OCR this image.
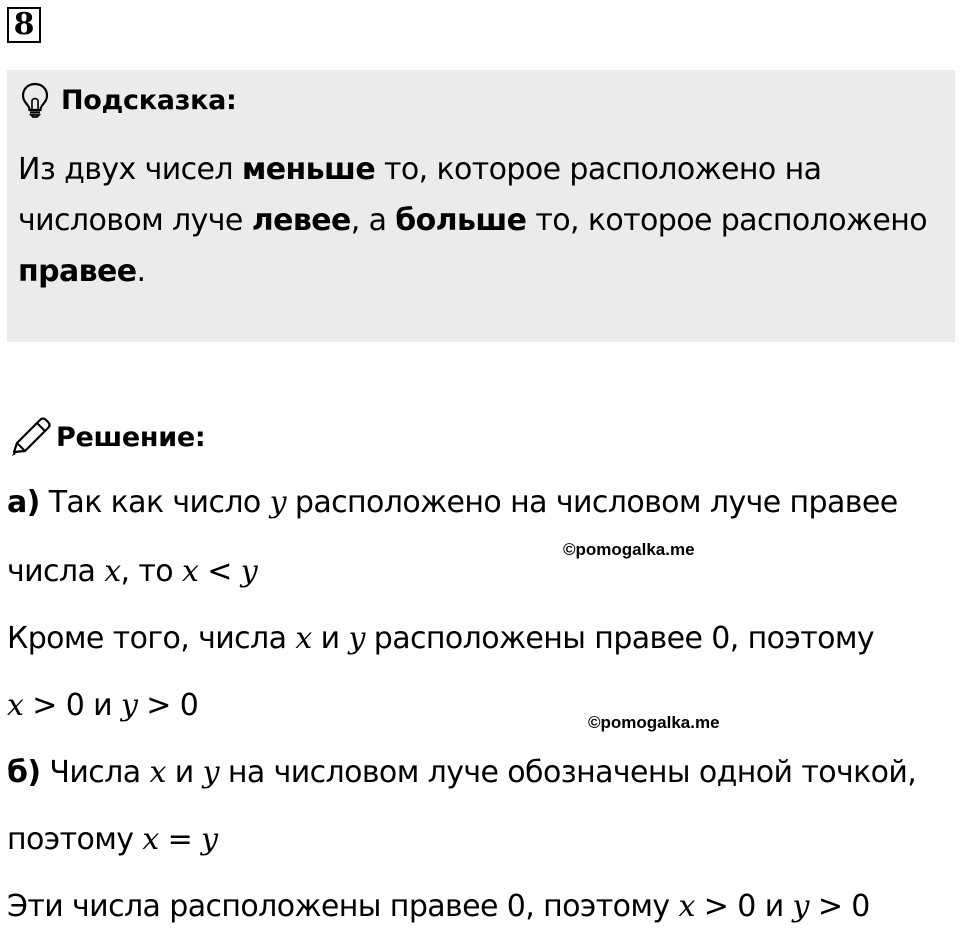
8
Подсказка:
Из двух чисел меньше то, которое расположено на
числовом луче левее, а больше то, которое расположено
правее.
Решение:
а) Так как число y расположено на числовом луче правее
числа x, то x < y
©pomogalka.me
Кроме того, числа x и y расположены правее 0, поэтому
x > 0 и y > 0	©pomogalka.me
б) Числа x и y на числовом луче обозначены одной точкой,
поэтому x = y
Эти числа расположены правее 0, поэтому x > 0 и y > 0
